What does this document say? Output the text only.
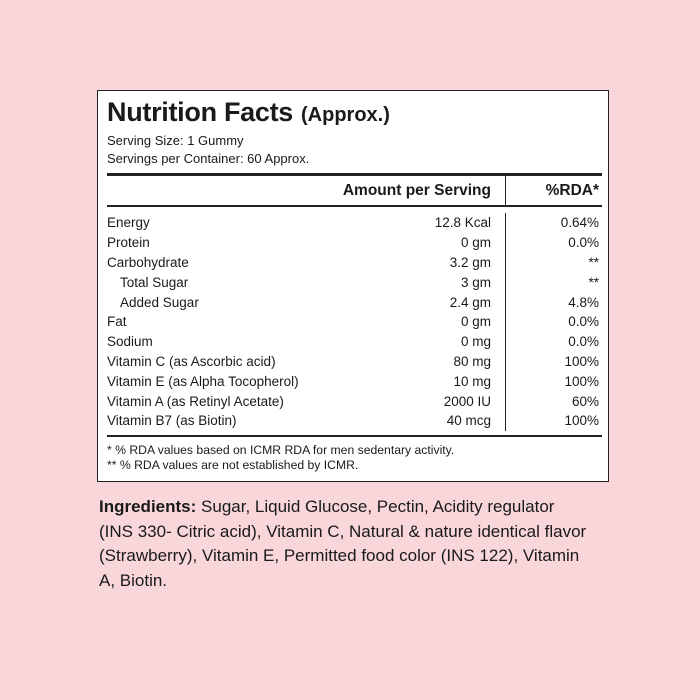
Nutrition Facts (Approx.)
Serving Size: 1 Gummy
Servings per Container: 60 Approx.
Amount per Serving	%RDA*
Energy	12.8 Kcal	0.64%
Protein	0 gm	0.0%
Carbohydrate	3.2 gm	**
Total Sugar	3 gm	**
Added Sugar	2.4 gm	4.8%
Fat	0 gm	0.0%
Sodium	0 mg	0.0%
Vitamin C (as Ascorbic acid)	80 mg	100%
Vitamin E (as Alpha Tocopherol)	10 mg	100%
Vitamin A (as Retinyl Acetate)	2000 IU	60%
Vitamin B7 (as Biotin)	40 mcg	100%
* % RDA values based on ICMR RDA for men sedentary activity.
** % RDA values are not established by ICMR.
Ingredients: Sugar, Liquid Glucose, Pectin, Acidity regulator (INS 330- Citric acid), Vitamin C, Natural & nature identical flavor (Strawberry), Vitamin E, Permitted food color (INS 122), Vitamin A, Biotin.
